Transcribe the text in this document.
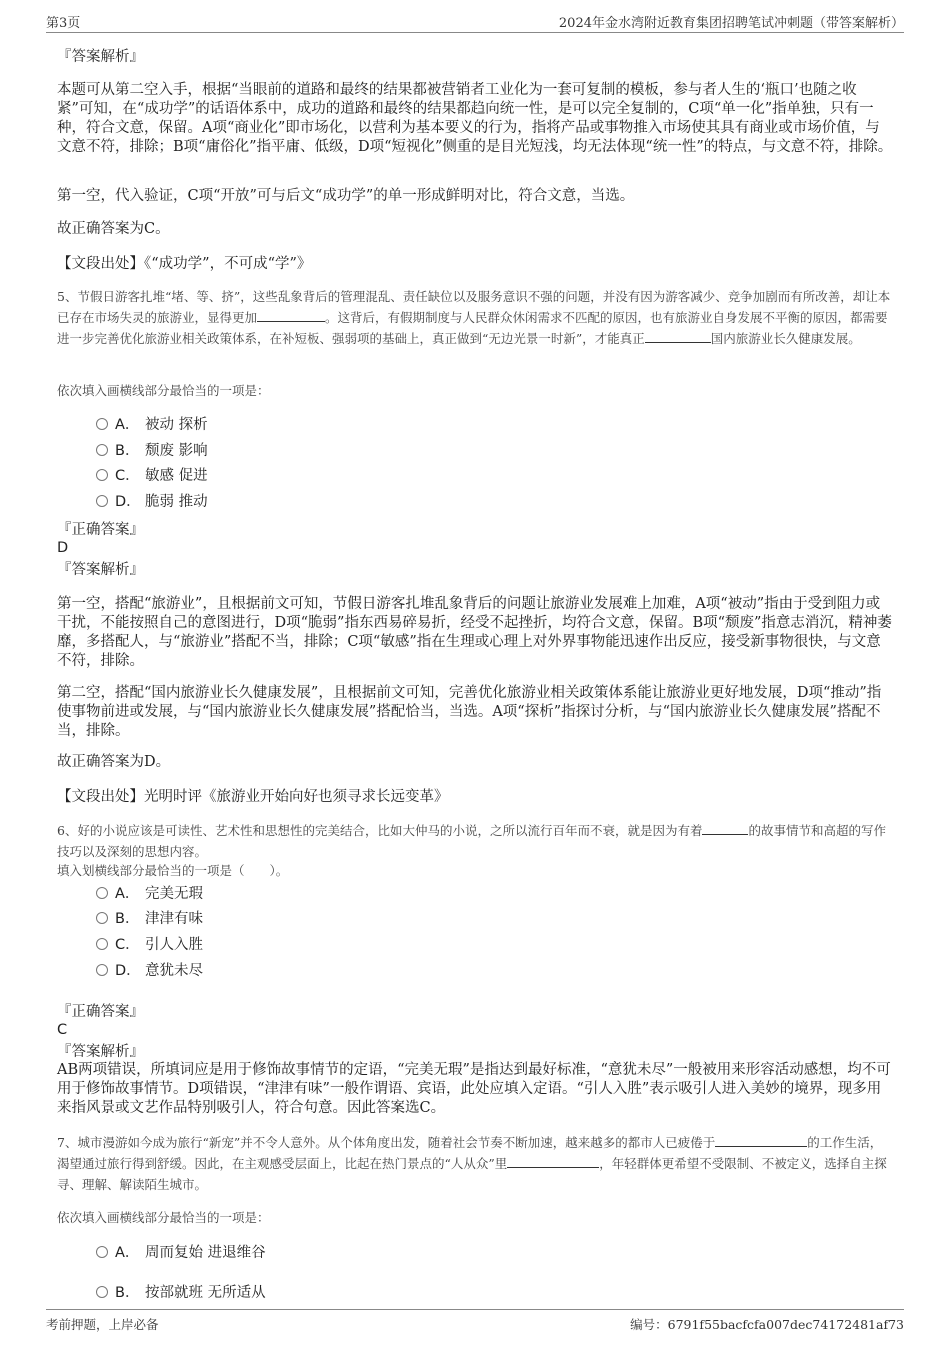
第3页	2024年金水湾附近教育集团招聘笔试冲刺题（带答案解析）
『答案解析』
本题可从第二空入手，根据“当眼前的道路和最终的结果都被营销者工业化为一套可复制的模板，参与者人生的‘瓶口’也随之收紧”可知，在“成功学”的话语体系中，成功的道路和最终的结果都趋向统一性，是可以完全复制的，C项“单一化”指单独，只有一种，符合文意，保留。A项“商业化”即市场化，以营利为基本要义的行为，指将产品或事物推入市场使其具有商业或市场价值，与文意不符，排除；B项“庸俗化”指平庸、低级，D项“短视化”侧重的是目光短浅，均无法体现“统一性”的特点，与文意不符，排除。
第一空，代入验证，C项“开放”可与后文“成功学”的单一形成鲜明对比，符合文意，当选。
故正确答案为C。
【文段出处】《“成功学”，不可成“学”》
5、节假日游客扎堆“堵、等、挤”，这些乱象背后的管理混乱、责任缺位以及服务意识不强的问题，并没有因为游客减少、竞争加剧而有所改善，却让本已存在市场失灵的旅游业，显得更加	。这背后，有假期制度与人民群众休闲需求不匹配的原因，也有旅游业自身发展不平衡的原因，都需要进一步完善优化旅游业相关政策体系，在补短板、强弱项的基础上，真正做到“无边光景一时新”，才能真正	国内旅游业长久健康发展。
依次填入画横线部分最恰当的一项是：
A． 被动 探析
B． 颓废 影响
C． 敏感 促进
D． 脆弱 推动
『正确答案』
D
『答案解析』
第一空，搭配“旅游业”，且根据前文可知，节假日游客扎堆乱象背后的问题让旅游业发展难上加难，A项“被动”指由于受到阻力或干扰，不能按照自己的意图进行，D项“脆弱”指东西易碎易折，经受不起挫折，均符合文意，保留。B项“颓废”指意志消沉，精神萎靡，多搭配人，与“旅游业”搭配不当，排除；C项“敏感”指在生理或心理上对外界事物能迅速作出反应，接受新事物很快，与文意不符，排除。
第二空，搭配“国内旅游业长久健康发展”，且根据前文可知，完善优化旅游业相关政策体系能让旅游业更好地发展，D项“推动”指使事物前进或发展，与“国内旅游业长久健康发展”搭配恰当，当选。A项“探析”指探讨分析，与“国内旅游业长久健康发展”搭配不当，排除。
故正确答案为D。
【文段出处】光明时评《旅游业开始向好也须寻求长远变革》
6、好的小说应该是可读性、艺术性和思想性的完美结合，比如大仲马的小说，之所以流行百年而不衰，就是因为有着	的故事情节和高超的写作技巧以及深刻的思想内容。
填入划横线部分最恰当的一项是（　　）。
A． 完美无瑕
B． 津津有味
C． 引人入胜
D． 意犹未尽
『正确答案』
C
『答案解析』
AB两项错误，所填词应是用于修饰故事情节的定语，“完美无瑕”是指达到最好标准，“意犹未尽”一般被用来形容活动感想，均不可用于修饰故事情节。D项错误，“津津有味”一般作谓语、宾语，此处应填入定语。“引人入胜”表示吸引人进入美妙的境界，现多用来指风景或文艺作品特别吸引人，符合句意。因此答案选C。
7、城市漫游如今成为旅行“新宠”并不令人意外。从个体角度出发，随着社会节奏不断加速，越来越多的都市人已疲倦于	的工作生活，渴望通过旅行得到舒缓。因此，在主观感受层面上，比起在热门景点的“人从众”里	，年轻群体更希望不受限制、不被定义，选择自主探寻、理解、解读陌生城市。
依次填入画横线部分最恰当的一项是：
A． 周而复始 进退维谷
B． 按部就班 无所适从
考前押题，上岸必备	编号：6791f55bacfcfa007dec74172481af73
